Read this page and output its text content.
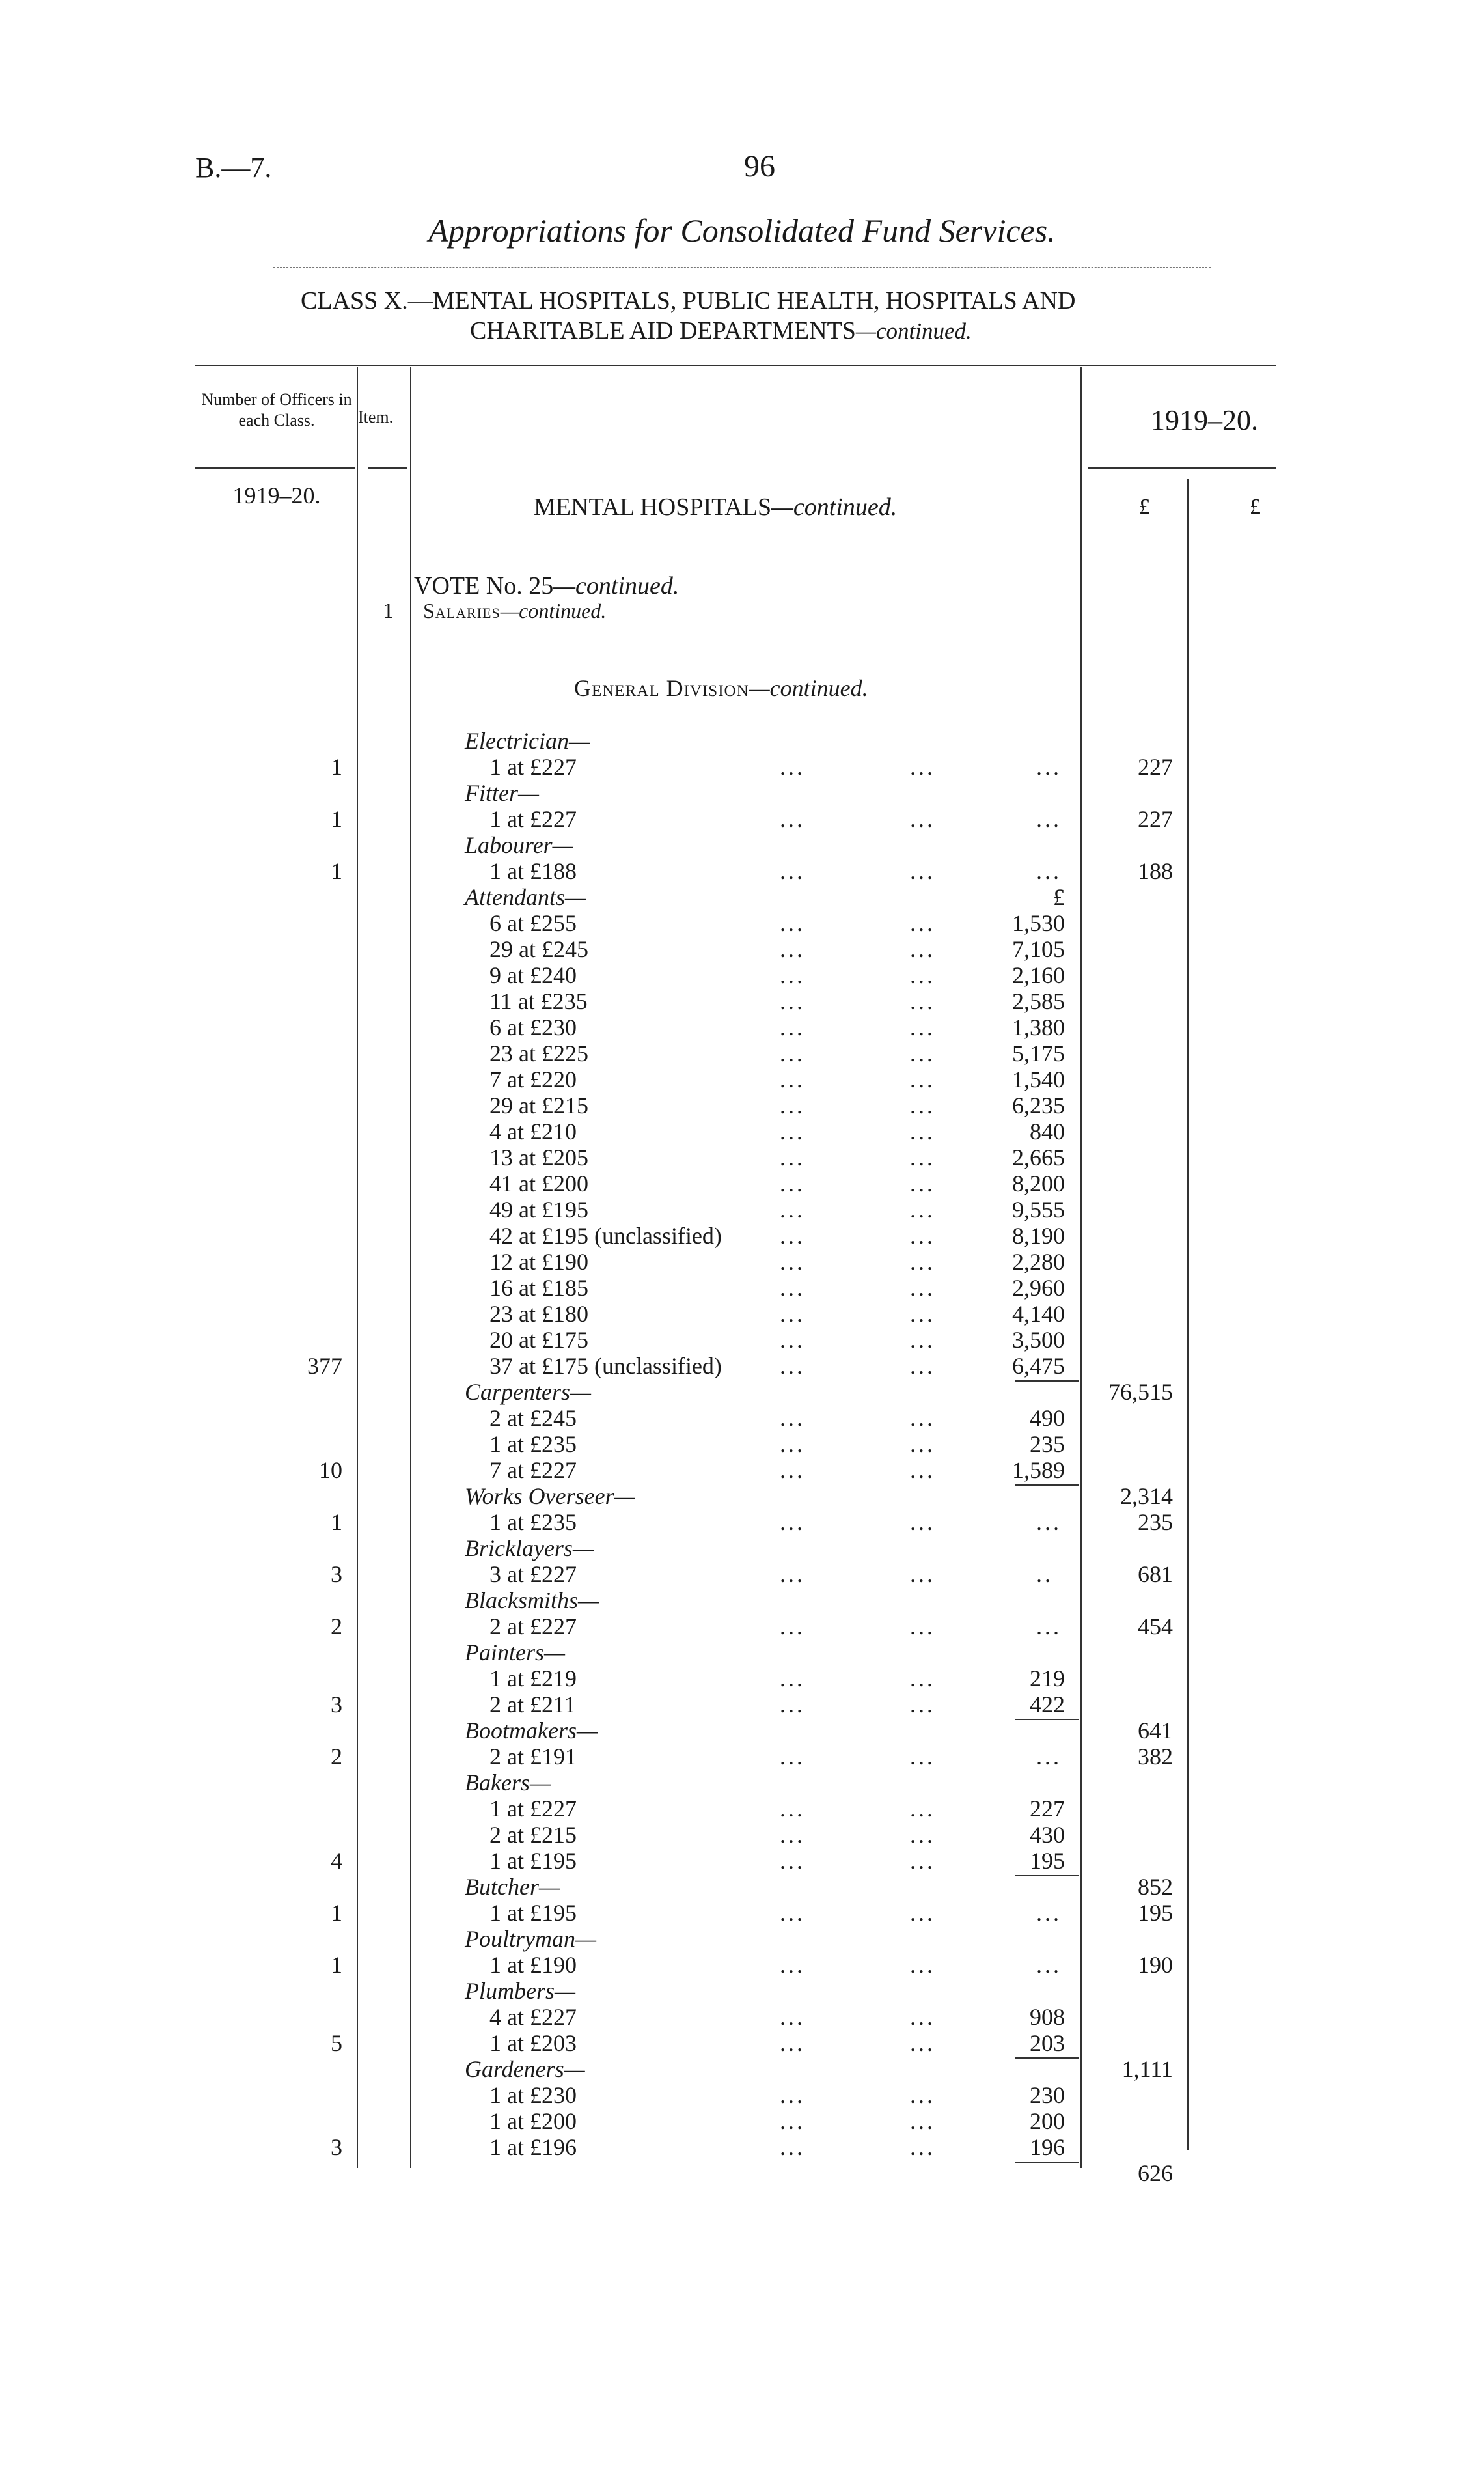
B.—7.	96
Appropriations for Consolidated Fund Services.
CLASS X.—MENTAL HOSPITALS, PUBLIC HEALTH, HOSPITALS AND
CHARITABLE AID DEPARTMENTS—continued.
Number of Officers in each Class.	Item.	1919–20.
1919–20.	MENTAL HOSPITALS—continued.	£	£
VOTE No. 25—continued.
1 Salaries—continued.
General Division—continued.
Electrician—
1	1 at £227	...	...	...	227
Fitter—
1	1 at £227	...	...	...	227
Labourer—
1	1 at £188	...	...	...	188
Attendants—	£
6 at £255	...	...	1,530
29 at £245	...	...	7,105
9 at £240	...	...	2,160
11 at £235	...	...	2,585
6 at £230	...	...	1,380
23 at £225	...	...	5,175
7 at £220	...	...	1,540
29 at £215	...	...	6,235
4 at £210	...	...	840
13 at £205	...	...	2,665
41 at £200	...	...	8,200
49 at £195	...	...	9,555
42 at £195 (unclassified) ...	...	8,190
12 at £190	...	...	2,280
16 at £185	...	...	2,960
23 at £180	...	...	4,140
20 at £175	...	...	3,500
377	37 at £175 (unclassified) ...	...	6,475
Carpenters—	76,515
2 at £245	...	...	490
1 at £235	...	...	235
10	7 at £227	...	...	1,589
Works Overseer—	2,314
1	1 at £235	...	...	...	235
Bricklayers—
3	3 at £227	...	...	..	681
Blacksmiths—
2	2 at £227	...	...	...	454
Painters—
1 at £219	...	...	219
3	2 at £211	...	...	422
Bootmakers—	641
2	2 at £191	...	...	...	382
Bakers—
1 at £227	...	...	227
2 at £215	...	...	430
4	1 at £195	...	...	195
Butcher—	852
1	1 at £195	...	...	...	195
Poultryman—
1	1 at £190	...	...	...	190
Plumbers—
4 at £227	...	...	908
5	1 at £203	...	...	203
Gardeners—	1,111
1 at £230	...	...	230
1 at £200	...	...	200
3	1 at £196	...	...	196
626
